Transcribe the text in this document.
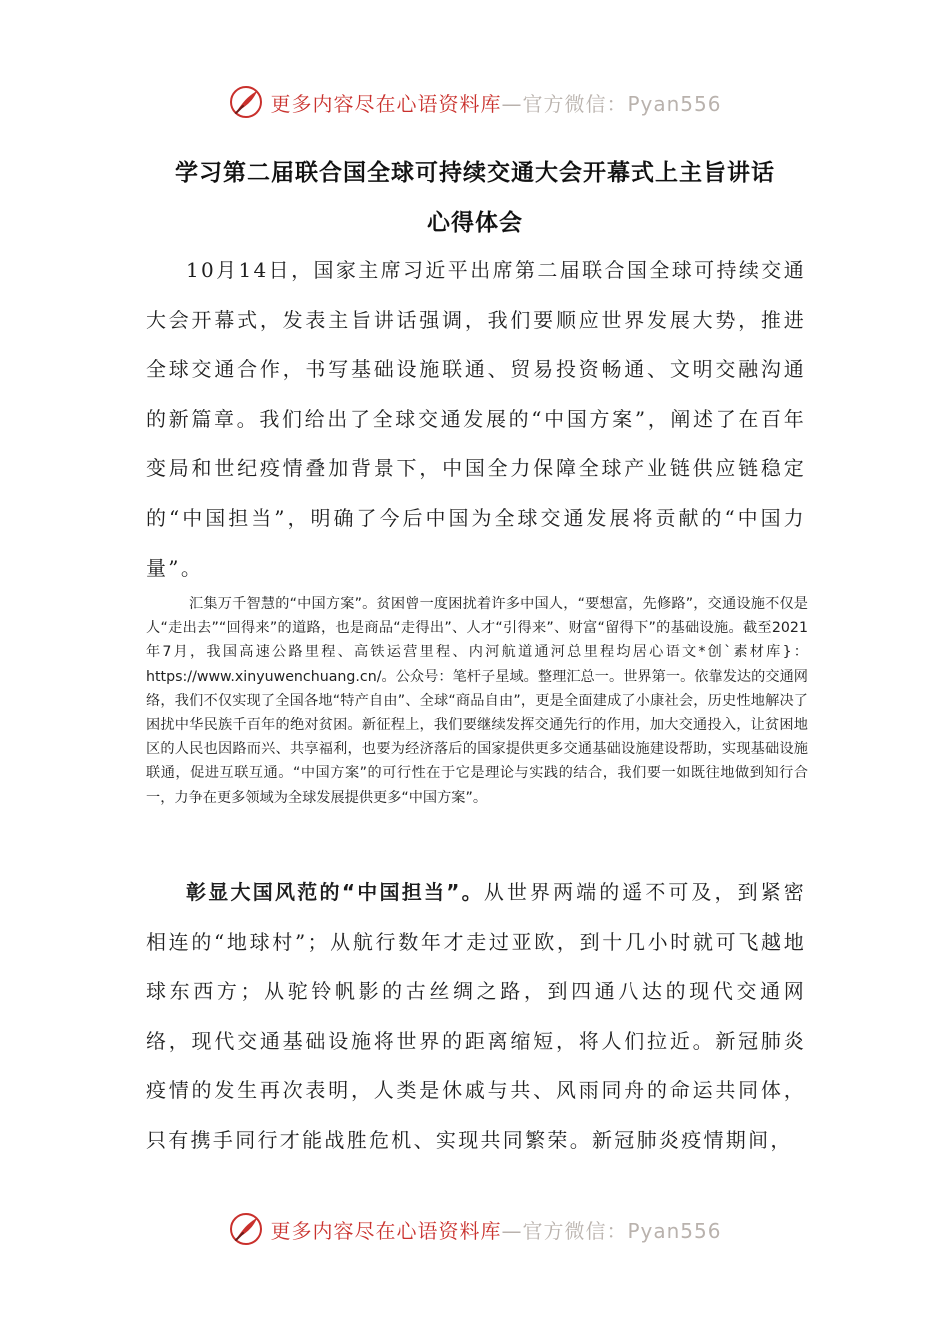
更多内容尽在心语资料库 —官方微信：Pyan556
学习第二届联合国全球可持续交通大会开幕式上主旨讲话
心得体会

10月14日，国家主席习近平出席第二届联合国全球可持续交通大会开幕式，发表主旨讲话强调，我们要顺应世界发展大势，推进全球交通合作，书写基础设施联通、贸易投资畅通、文明交融沟通的新篇章。我们给出了全球交通发展的“中国方案”，阐述了在百年变局和世纪疫情叠加背景下，中国全力保障全球产业链供应链稳定的“中国担当”，明确了今后中国为全球交通发展将贡献的“中国力量”。

汇集万千智慧的“中国方案”。贫困曾一度困扰着许多中国人，“要想富，先修路”，交通设施不仅是人“走出去”“回得来”的道路，也是商品“走得出”、人才“引得来”、财富“留得下”的基础设施。截至2021年7月，我国高速公路里程、高铁运营里程、内河航道通河总里程均居心语文*创`素材库}：https://www.xinyuwenchuang.cn/。公众号：笔杆子星域。整理汇总一。世界第一。依靠发达的交通网络，我们不仅实现了全国各地“特产自由”、全球“商品自由”，更是全面建成了小康社会，历史性地解决了困扰中华民族千百年的绝对贫困。新征程上，我们要继续发挥交通先行的作用，加大交通投入，让贫困地区的人民也因路而兴、共享福利，也要为经济落后的国家提供更多交通基础设施建设帮助，实现基础设施联通，促进互联互通。“中国方案”的可行性在于它是理论与实践的结合，我们要一如既往地做到知行合一，力争在更多领域为全球发展提供更多“中国方案”。

彰显大国风范的“中国担当”。从世界两端的遥不可及，到紧密相连的“地球村”；从航行数年才走过亚欧，到十几小时就可飞越地球东西方；从驼铃帆影的古丝绸之路，到四通八达的现代交通网络，现代交通基础设施将世界的距离缩短，将人们拉近。新冠肺炎疫情的发生再次表明，人类是休戚与共、风雨同舟的命运共同体，只有携手同行才能战胜危机、实现共同繁荣。新冠肺炎疫情期间，

更多内容尽在心语资料库 —官方微信：Pyan556
